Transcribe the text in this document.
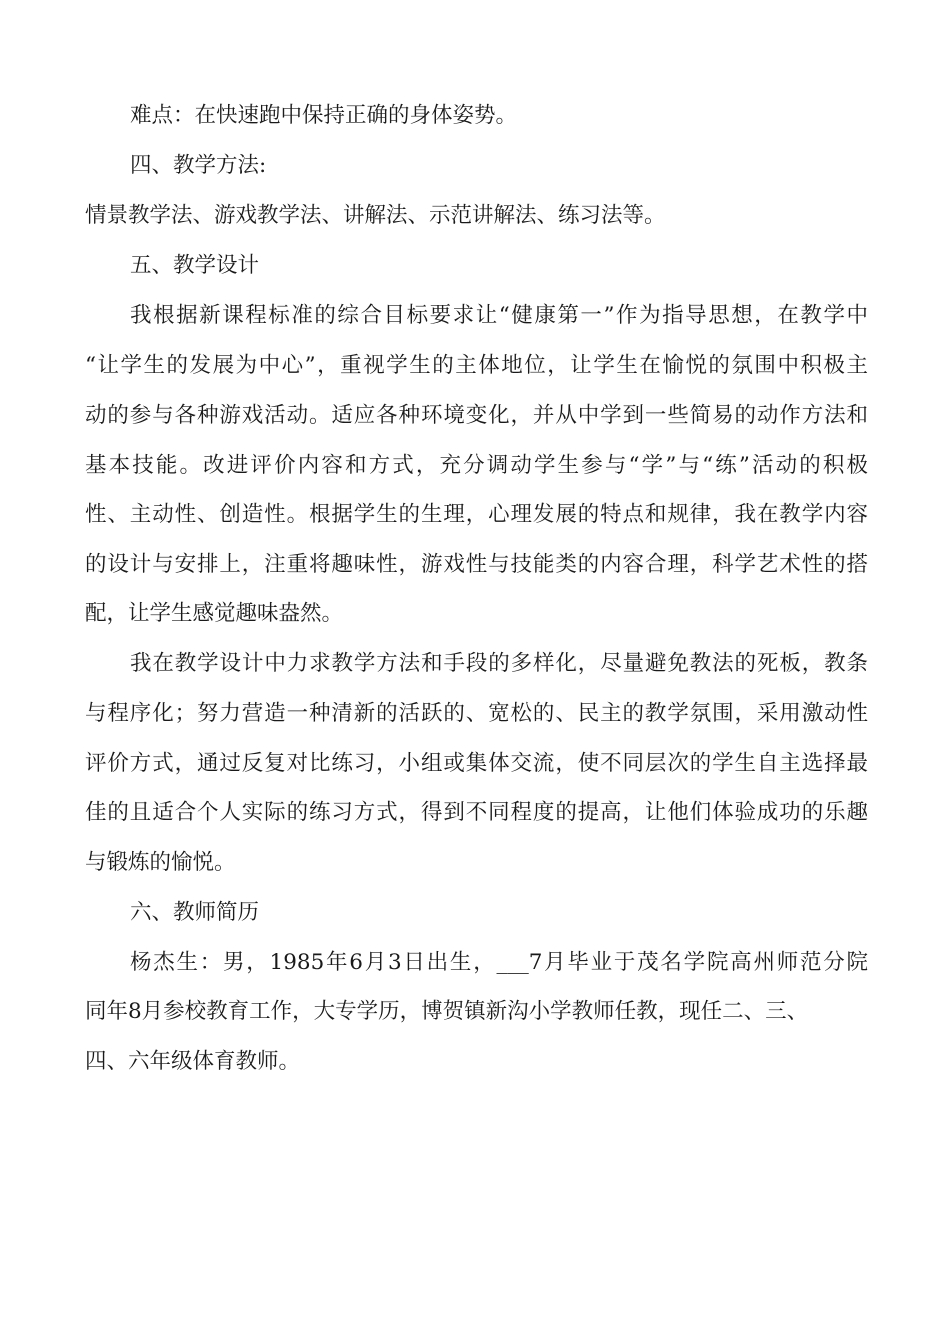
难点：在快速跑中保持正确的身体姿势。
四、教学方法:
情景教学法、游戏教学法、讲解法、示范讲解法、练习法等。
五、教学设计
我根据新课程标准的综合目标要求让“健康第一”作为指导思想，在教学中
“让学生的发展为中心”，重视学生的主体地位，让学生在愉悦的氛围中积极主
动的参与各种游戏活动。适应各种环境变化，并从中学到一些简易的动作方法和
基本技能。改进评价内容和方式，充分调动学生参与“学”与“练”活动的积极
性、主动性、创造性。根据学生的生理，心理发展的特点和规律，我在教学内容
的设计与安排上，注重将趣味性，游戏性与技能类的内容合理，科学艺术性的搭
配，让学生感觉趣味盎然。
我在教学设计中力求教学方法和手段的多样化，尽量避免教法的死板，教条
与程序化；努力营造一种清新的活跃的、宽松的、民主的教学氛围，采用激动性
评价方式，通过反复对比练习，小组或集体交流，使不同层次的学生自主选择最
佳的且适合个人实际的练习方式，得到不同程度的提高，让他们体验成功的乐趣
与锻炼的愉悦。
六、教师简历
杨杰生：男，1985年6月3日出生，___7月毕业于茂名学院高州师范分院
同年8月参校教育工作，大专学历，博贺镇新沟小学教师任教，现任二、三、
四、六年级体育教师。
